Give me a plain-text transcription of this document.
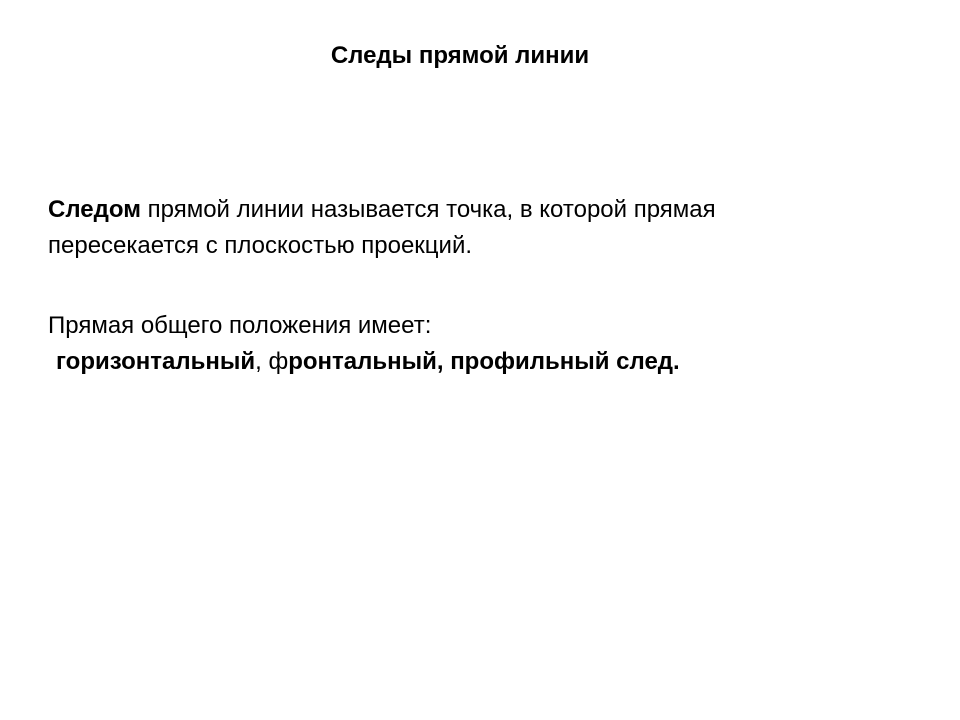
Следы прямой линии
Следом прямой линии называется точка, в которой прямая
пересекается с плоскостью проекций.
Прямая общего положения имеет:
горизонтальный, фронтальный, профильный след.
